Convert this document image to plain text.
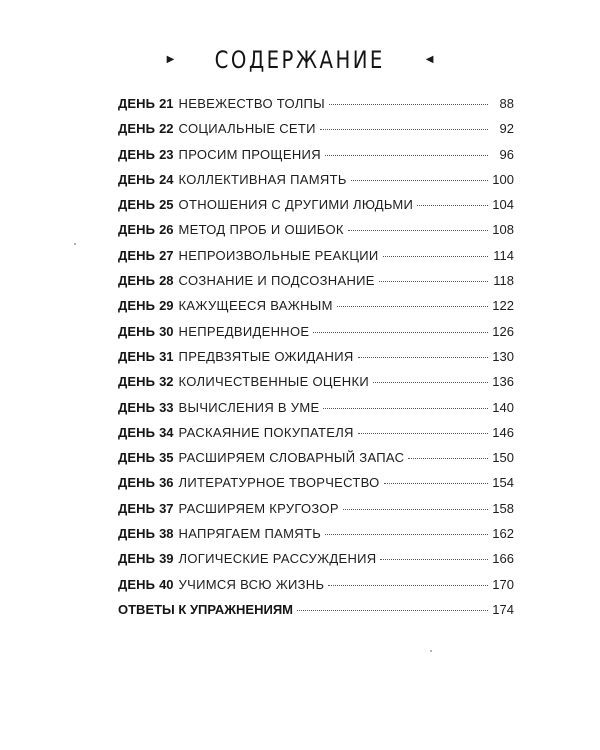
▶ СОДЕРЖАНИЕ	◀
ДЕНЬ 21 НЕВЕЖЕСТВО ТОЛПЫ	88
ДЕНЬ 22 СОЦИАЛЬНЫЕ СЕТИ	92
ДЕНЬ 23 ПРОСИМ ПРОЩЕНИЯ	96
ДЕНЬ 24 КОЛЛЕКТИВНАЯ ПАМЯТЬ	100
ДЕНЬ 25 ОТНОШЕНИЯ С ДРУГИМИ ЛЮДЬМИ	104
ДЕНЬ 26 МЕТОД ПРОБ И ОШИБОК	108
ДЕНЬ 27 НЕПРОИЗВОЛЬНЫЕ РЕАКЦИИ	114
ДЕНЬ 28 СОЗНАНИЕ И ПОДСОЗНАНИЕ	118
ДЕНЬ 29 КАЖУЩЕЕСЯ ВАЖНЫМ	122
ДЕНЬ 30 НЕПРЕДВИДЕННОЕ	126
ДЕНЬ 31 ПРЕДВЗЯТЫЕ ОЖИДАНИЯ	130
ДЕНЬ 32 КОЛИЧЕСТВЕННЫЕ ОЦЕНКИ	136
ДЕНЬ 33 ВЫЧИСЛЕНИЯ В УМЕ	140
ДЕНЬ 34 РАСКАЯНИЕ ПОКУПАТЕЛЯ	146
ДЕНЬ 35 РАСШИРЯЕМ СЛОВАРНЫЙ ЗАПАС	150
ДЕНЬ 36 ЛИТЕРАТУРНОЕ ТВОРЧЕСТВО	154
ДЕНЬ 37 РАСШИРЯЕМ КРУГОЗОР	158
ДЕНЬ 38 НАПРЯГАЕМ ПАМЯТЬ	162
ДЕНЬ 39 ЛОГИЧЕСКИЕ РАССУЖДЕНИЯ	166
ДЕНЬ 40 УЧИМСЯ ВСЮ ЖИЗНЬ	170
ОТВЕТЫ К УПРАЖНЕНИЯМ	174
